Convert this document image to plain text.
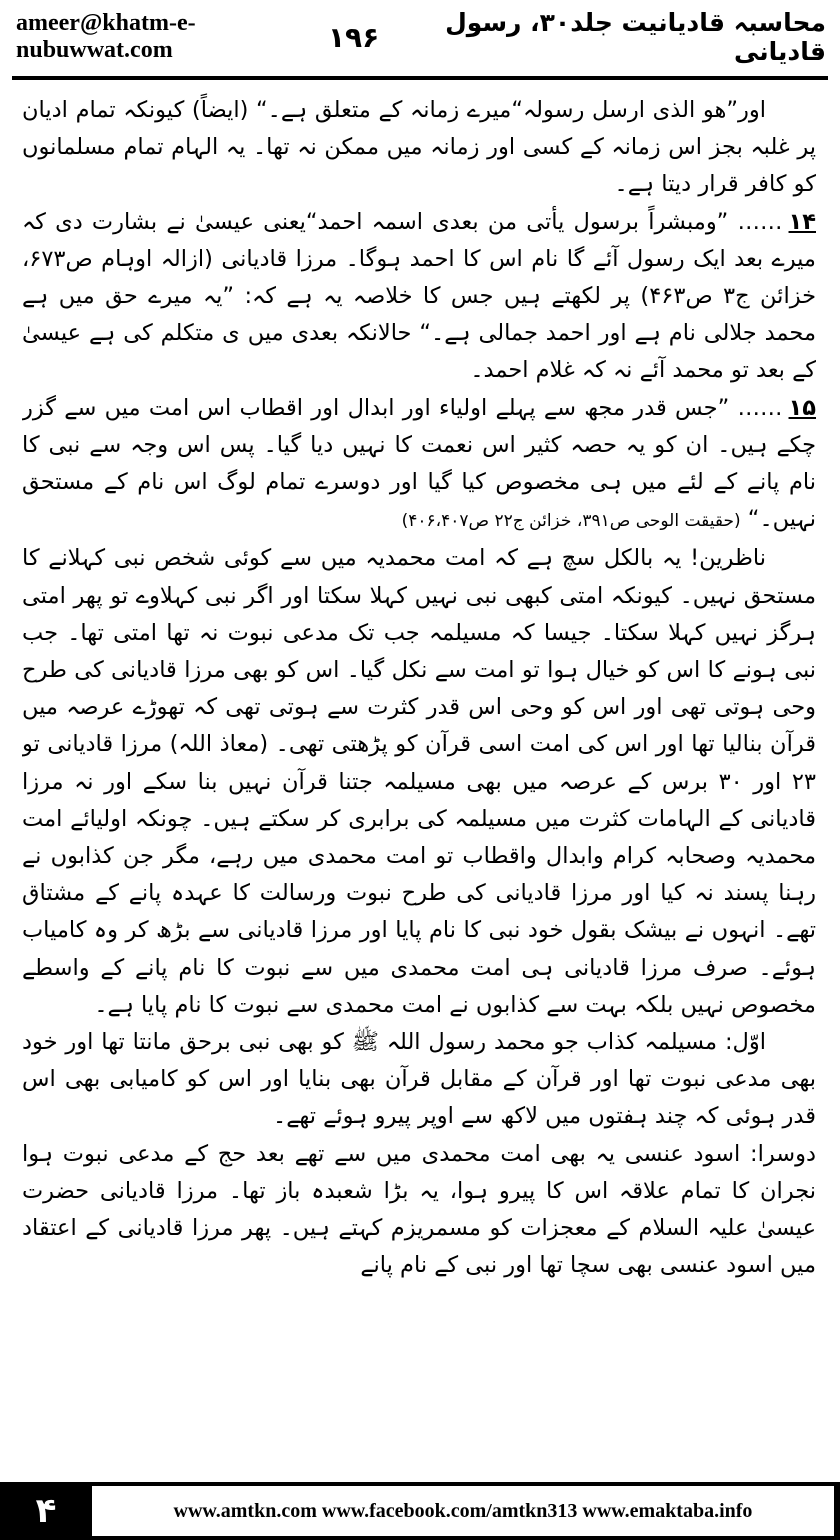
ameer@khatm-e-nubuwwat.com	۱۹۶	محاسبہ قادیانیت جلد۳۰، رسول قادیانی

اور”ھو الذی ارسل رسولہ“میرے زمانہ کے متعلق ہے۔“ (ایضاً) کیونکہ تمام ادیان پر غلبہ بجز اس زمانہ کے کسی اور زمانہ میں ممکن نہ تھا۔ یہ الہام تمام مسلمانوں کو کافر قرار دیتا ہے۔

۱۴…… ”ومبشراً برسول یأتی من بعدی اسمہ احمد“یعنی عیسیٰ نے بشارت دی کہ میرے بعد ایک رسول آئے گا نام اس کا احمد ہوگا۔ مرزا قادیانی (ازالہ اوہام ص۶۷۳، خزائن ج۳ ص۴۶۳) پر لکھتے ہیں جس کا خلاصہ یہ ہے کہ: ”یہ میرے حق میں ہے محمد جلالی نام ہے اور احمد جمالی ہے۔“ حالانکہ بعدی میں ی متکلم کی ہے عیسیٰ کے بعد تو محمد آئے نہ کہ غلام احمد۔

۱۵…… ”جس قدر مجھ سے پہلے اولیاء اور ابدال اور اقطاب اس امت میں سے گزر چکے ہیں۔ ان کو یہ حصہ کثیر اس نعمت کا نہیں دیا گیا۔ پس اس وجہ سے نبی کا نام پانے کے لئے میں ہی مخصوص کیا گیا اور دوسرے تمام لوگ اس نام کے مستحق نہیں۔“ (حقیقت الوحی ص۳۹۱، خزائن ج۲۲ ص۴۰۶،۴۰۷)

ناظرین! یہ بالکل سچ ہے کہ امت محمدیہ میں سے کوئی شخص نبی کہلانے کا مستحق نہیں۔ کیونکہ امتی کبھی نبی نہیں کہلا سکتا اور اگر نبی کہلاوے تو پھر امتی ہرگز نہیں کہلا سکتا۔ جیسا کہ مسیلمہ جب تک مدعی نبوت نہ تھا امتی تھا۔ جب نبی ہونے کا اس کو خیال ہوا تو امت سے نکل گیا۔ اس کو بھی مرزا قادیانی کی طرح وحی ہوتی تھی اور اس کو وحی اس قدر کثرت سے ہوتی تھی کہ تھوڑے عرصہ میں قرآن بنالیا تھا اور اس کی امت اسی قرآن کو پڑھتی تھی۔ (معاذ اللہ) مرزا قادیانی تو ۲۳ اور ۳۰ برس کے عرصہ میں بھی مسیلمہ جتنا قرآن نہیں بنا سکے اور نہ مرزا قادیانی کے الہامات کثرت میں مسیلمہ کی برابری کر سکتے ہیں۔ چونکہ اولیائے امت محمدیہ وصحابہ کرام وابدال واقطاب تو امت محمدی میں رہے، مگر جن کذابوں نے رہنا پسند نہ کیا اور مرزا قادیانی کی طرح نبوت ورسالت کا عہدہ پانے کے مشتاق تھے۔ انہوں نے بیشک بقول خود نبی کا نام پایا اور مرزا قادیانی سے بڑھ کر وہ کامیاب ہوئے۔ صرف مرزا قادیانی ہی امت محمدی میں سے نبوت کا نام پانے کے واسطے مخصوص نہیں بلکہ بہت سے کذابوں نے امت محمدی سے نبوت کا نام پایا ہے۔

اوّل: مسیلمہ کذاب جو محمد رسول اللہ ﷺ کو بھی نبی برحق مانتا تھا اور خود بھی مدعی نبوت تھا اور قرآن کے مقابل قرآن بھی بنایا اور اس کو کامیابی بھی اس قدر ہوئی کہ چند ہفتوں میں لاکھ سے اوپر پیرو ہوئے تھے۔

دوسرا: اسود عنسی یہ بھی امت محمدی میں سے تھے بعد حج کے مدعی نبوت ہوا نجران کا تمام علاقہ اس کا پیرو ہوا، یہ بڑا شعبدہ باز تھا۔ مرزا قادیانی حضرت عیسیٰ علیہ السلام کے معجزات کو مسمریزم کہتے ہیں۔ پھر مرزا قادیانی کے اعتقاد میں اسود عنسی بھی سچا تھا اور نبی کے نام پانے

۴	www.amtkn.com www.facebook.com/amtkn313 www.emaktaba.info
